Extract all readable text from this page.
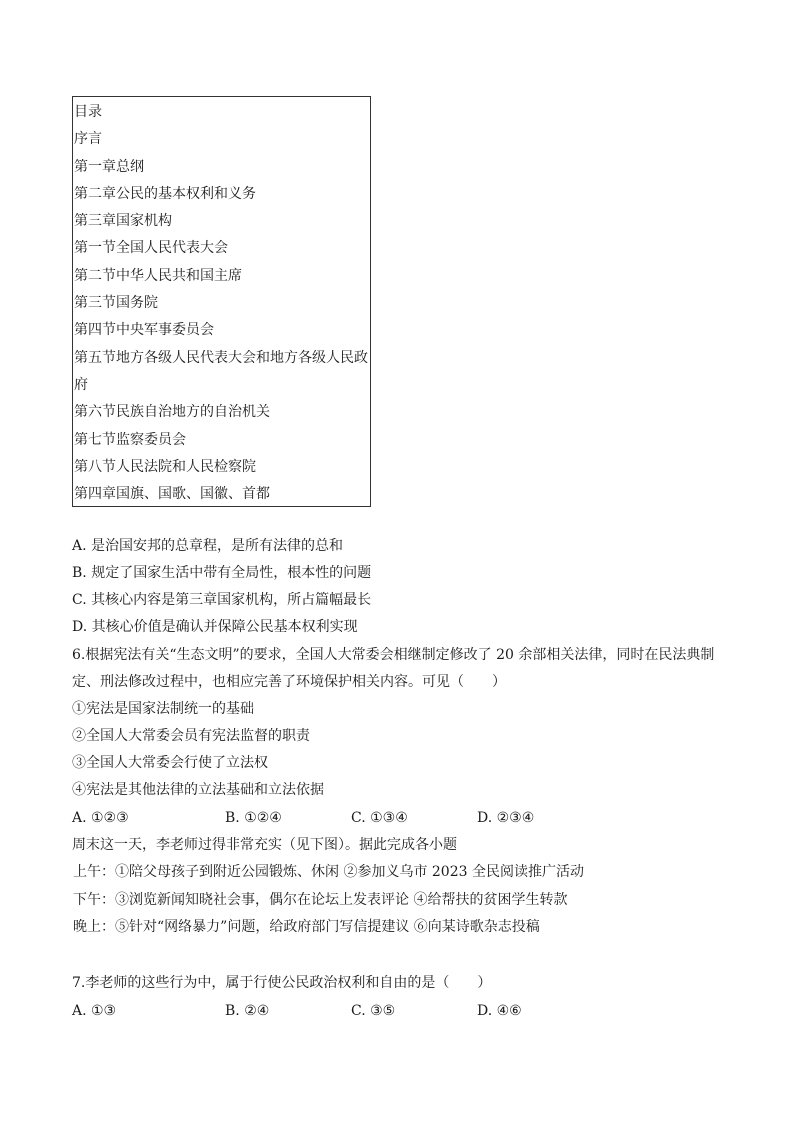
目录
序言
第一章总纲
第二章公民的基本权利和义务
第三章国家机构
第一节全国人民代表大会
第二节中华人民共和国主席
第三节国务院
第四节中央军事委员会
第五节地方各级人民代表大会和地方各级人民政
府
第六节民族自治地方的自治机关
第七节监察委员会
第八节人民法院和人民检察院
第四章国旗、国歌、国徽、首都
A. 是治国安邦的总章程，是所有法律的总和
B. 规定了国家生活中带有全局性，根本性的问题
C. 其核心内容是第三章国家机构，所占篇幅最长
D. 其核心价值是确认并保障公民基本权利实现
6.根据宪法有关“生态文明”的要求，全国人大常委会相继制定修改了 20 余部相关法律，同时在民法典制
定、刑法修改过程中，也相应完善了环境保护相关内容。可见（　　）
①宪法是国家法制统一的基础
②全国人大常委会员有宪法监督的职责
③全国人大常委会行使了立法权
④宪法是其他法律的立法基础和立法依据
A. ①②③	B. ①②④	C. ①③④	D. ②③④
周末这一天，李老师过得非常充实（见下图）。据此完成各小题
上午：①陪父母孩子到附近公园锻炼、休闲 ②参加义乌市 2023 全民阅读推广活动
下午：③浏览新闻知晓社会事，偶尔在论坛上发表评论 ④给帮扶的贫困学生转款
晚上：⑤针对“网络暴力”问题，给政府部门写信提建议 ⑥向某诗歌杂志投稿
7.李老师的这些行为中，属于行使公民政治权利和自由的是（　　）
A. ①③	B. ②④	C. ③⑤	D. ④⑥
